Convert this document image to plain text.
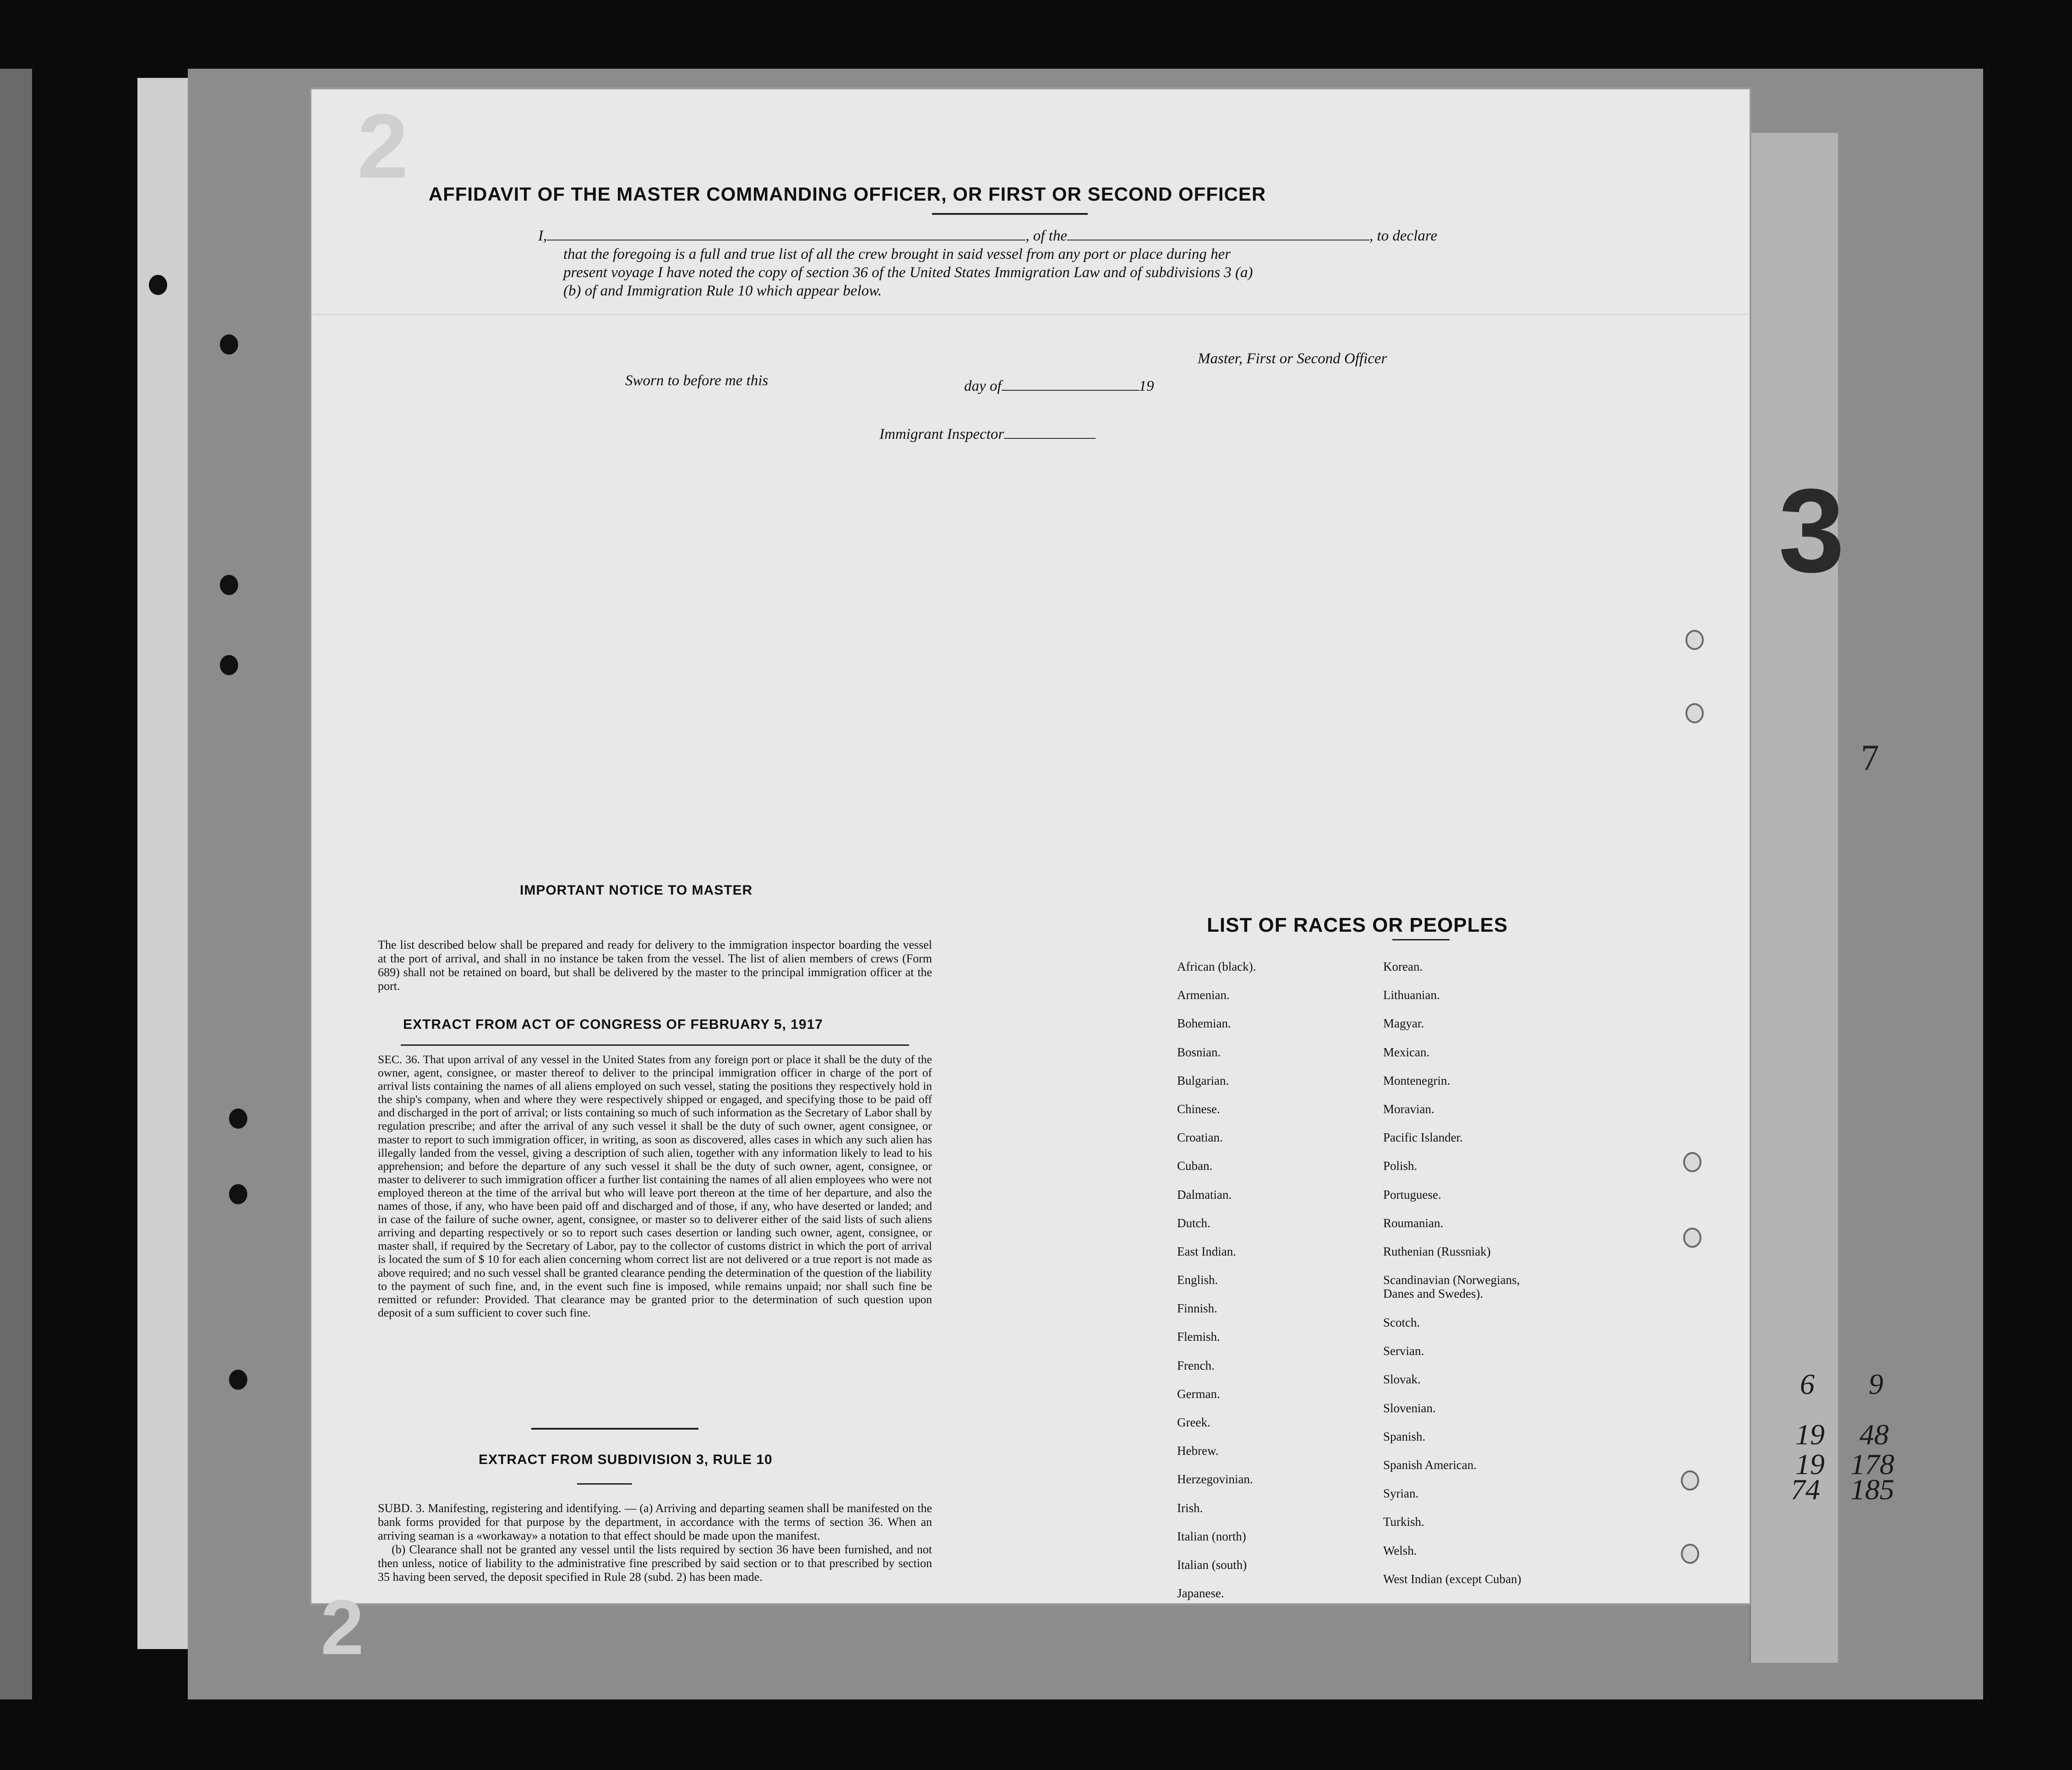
3
7
6 9
19 48
19 178
74 185
2	AFFIDAVIT OF THE MASTER COMMANDING OFFICER, OR FIRST OR SECOND OFFICER
I,	, of the	, to declare
that the foregoing is a full and true list of all the crew brought in said vessel from any port or place during her
present voyage I have noted the copy of section 36 of the United States Immigration Law and of subdivisions 3 (a)
(b) of and Immigration Rule 10 which appear below.
Master, First or Second Officer
Sworn to before me this	day of	19
Immigrant Inspector
IMPORTANT NOTICE TO MASTER
The list described below shall be prepared and ready for delivery to the immigration inspector boarding the vessel at the port of arrival, and shall in no instance be taken from the vessel. The list of alien members of crews (Form 689) shall not be retained on board, but shall be delivered by the master to the principal immigration officer at the port.
EXTRACT FROM ACT OF CONGRESS OF FEBRUARY 5, 1917
SEC. 36. That upon arrival of any vessel in the United States from any foreign port or place it shall be the duty of the owner, agent, consignee, or master thereof to deliver to the principal immigration officer in charge of the port of arrival lists containing the names of all aliens employed on such vessel, stating the positions they respectively hold in the ship's company, when and where they were respectively shipped or engaged, and specifying those to be paid off and discharged in the port of arrival; or lists containing so much of such information as the Secretary of Labor shall by regulation prescribe; and after the arrival of any such vessel it shall be the duty of such owner, agent consignee, or master to report to such immigration officer, in writing, as soon as discovered, alles cases in which any such alien has illegally landed from the vessel, giving a description of such alien, together with any information likely to lead to his apprehension; and before the departure of any such vessel it shall be the duty of such owner, agent, consignee, or master to deliverer to such immigration officer a further list containing the names of all alien employees who were not employed thereon at the time of the arrival but who will leave port thereon at the time of her departure, and also the names of those, if any, who have been paid off and discharged and of those, if any, who have deserted or landed; and in case of the failure of suche owner, agent, consignee, or master so to deliverer either of the said lists of such aliens arriving and departing respectively or so to report such cases desertion or landing such owner, agent, consignee, or master shall, if required by the Secretary of Labor, pay to the collector of customs district in which the port of arrival is located the sum of $ 10 for each alien concerning whom correct list are not delivered or a true report is not made as above required; and no such vessel shall be granted clearance pending the determination of the question of the liability to the payment of such fine, and, in the event such fine is imposed, while remains unpaid; nor shall such fine be remitted or refunder: Provided. That clearance may be granted prior to the determination of such question upon deposit of a sum sufficient to cover such fine.
EXTRACT FROM SUBDIVISION 3, RULE 10
SUBD. 3. Manifesting, registering and identifying. — (a) Arriving and departing seamen shall be manifested on the bank forms provided for that purpose by the department, in accordance with the terms of section 36. When an arriving seaman is a «workaway» a notation to that effect should be made upon the manifest.
(b) Clearance shall not be granted any vessel until the lists required by section 36 have been furnished, and not then unless, notice of liability to the administrative fine prescribed by said section or to that prescribed by section 35 having been served, the deposit specified in Rule 28 (subd. 2) has been made.
LIST OF RACES OR PEOPLES
African (black).
Armenian.
Bohemian.
Bosnian.
Bulgarian.
Chinese.
Croatian.
Cuban.
Dalmatian.
Dutch.
East Indian.
English.
Finnish.
Flemish.
French.
German.
Greek.
Hebrew.
Herzegovinian.
Irish.
Italian (north)
Italian (south)
Japanese.
Korean.
Lithuanian.
Magyar.
Mexican.
Montenegrin.
Moravian.
Pacific Islander.
Polish.
Portuguese.
Roumanian.
Ruthenian (Russniak)
Scandinavian (Norwegians,
Danes and Swedes).
Scotch.
Servian.
Slovak.
Slovenian.
Spanish.
Spanish American.
Syrian.
Turkish.
Welsh.
West Indian (except Cuban)
2
